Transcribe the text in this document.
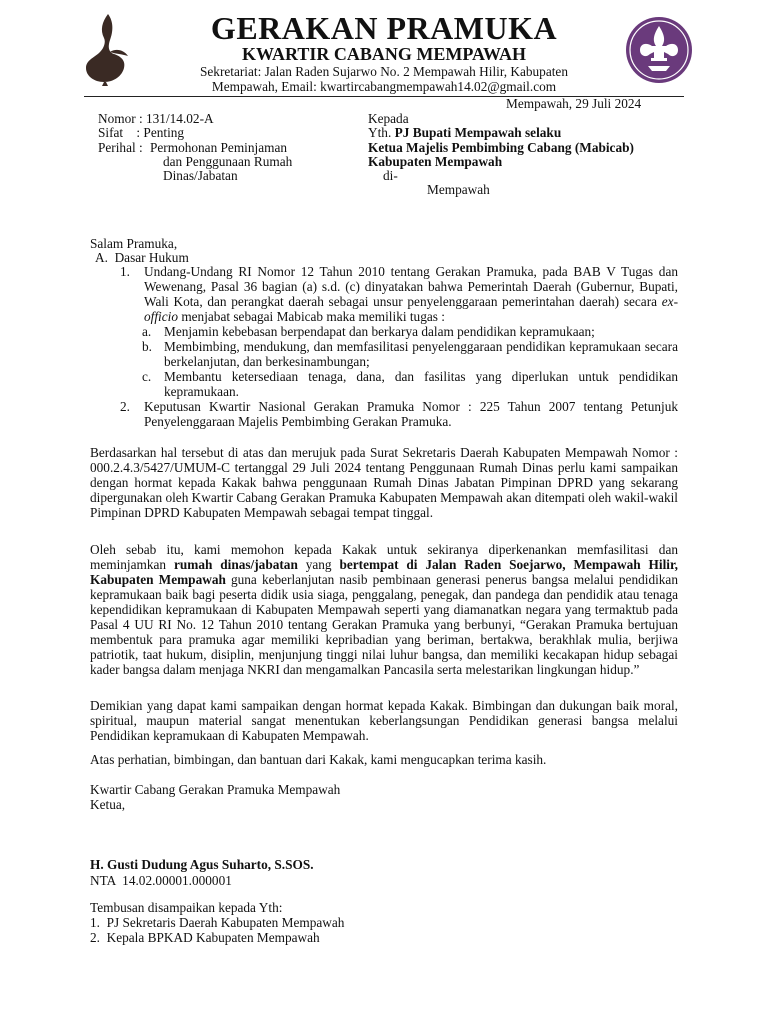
GERAKAN PRAMUKA
KWARTIR CABANG MEMPAWAH
Sekretariat: Jalan Raden Sujarwo No. 2 Mempawah Hilir, Kabupaten
Mempawah, Email: kwartircabangmempawah14.02@gmail.com
Mempawah, 29 Juli 2024
Nomor : 131/14.02-A
Sifat    : Penting
Perihal : Permohonan Peminjaman
dan Penggunaan Rumah
Dinas/Jabatan
Kepada
Yth. PJ Bupati Mempawah selaku
Ketua Majelis Pembimbing Cabang (Mabicab)
Kabupaten Mempawah
di-
Mempawah
Salam Pramuka,
A.  Dasar Hukum
1.	Undang-Undang RI Nomor 12 Tahun 2010 tentang Gerakan Pramuka, pada BAB V Tugas dan Wewenang, Pasal 36 bagian (a) s.d. (c) dinyatakan bahwa Pemerintah Daerah (Gubernur, Bupati, Wali Kota, dan perangkat daerah sebagai unsur penyelenggaraan pemerintahan daerah) secara ex-officio menjabat sebagai Mabicab maka memiliki tugas :
a. Menjamin kebebasan berpendapat dan berkarya dalam pendidikan kepramukaan;
b. Membimbing, mendukung, dan memfasilitasi penyelenggaraan pendidikan kepramukaan secara berkelanjutan, dan berkesinambungan;
c. Membantu ketersediaan tenaga, dana, dan fasilitas yang diperlukan untuk pendidikan kepramukaan.
2.	Keputusan Kwartir Nasional Gerakan Pramuka Nomor : 225 Tahun 2007 tentang Petunjuk Penyelenggaraan Majelis Pembimbing Gerakan Pramuka.
Berdasarkan hal tersebut di atas dan merujuk pada Surat Sekretaris Daerah Kabupaten Mempawah Nomor : 000.2.4.3/5427/UMUM-C tertanggal 29 Juli 2024 tentang Penggunaan Rumah Dinas perlu kami sampaikan dengan hormat kepada Kakak bahwa penggunaan Rumah Dinas Jabatan Pimpinan DPRD yang sekarang dipergunakan oleh Kwartir Cabang Gerakan Pramuka Kabupaten Mempawah akan ditempati oleh wakil-wakil Pimpinan DPRD Kabupaten Mempawah sebagai tempat tinggal.
Oleh sebab itu, kami memohon kepada Kakak untuk sekiranya diperkenankan memfasilitasi dan meminjamkan rumah dinas/jabatan yang bertempat di Jalan Raden Soejarwo, Mempawah Hilir, Kabupaten Mempawah guna keberlanjutan nasib pembinaan generasi penerus bangsa melalui pendidikan kepramukaan baik bagi peserta didik usia siaga, penggalang, penegak, dan pandega dan pendidik atau tenaga kependidikan kepramukaan di Kabupaten Mempawah seperti yang diamanatkan negara yang termaktub pada Pasal 4 UU RI No. 12 Tahun 2010 tentang Gerakan Pramuka yang berbunyi, “Gerakan Pramuka bertujuan membentuk para pramuka agar memiliki kepribadian yang beriman, bertakwa, berakhlak mulia, berjiwa patriotik, taat hukum, disiplin, menjunjung tinggi nilai luhur bangsa, dan memiliki kecakapan hidup sebagai kader bangsa dalam menjaga NKRI dan mengamalkan Pancasila serta melestarikan lingkungan hidup.”
Demikian yang dapat kami sampaikan dengan hormat kepada Kakak. Bimbingan dan dukungan baik moral, spiritual, maupun material sangat menentukan keberlangsungan Pendidikan generasi bangsa melalui Pendidikan kepramukaan di Kabupaten Mempawah.
Atas perhatian, bimbingan, dan bantuan dari Kakak, kami mengucapkan terima kasih.
Kwartir Cabang Gerakan Pramuka Mempawah
Ketua,
H. Gusti Dudung Agus Suharto, S.SOS.
NTA  14.02.00001.000001
Tembusan disampaikan kepada Yth:
1.  PJ Sekretaris Daerah Kabupaten Mempawah
2.  Kepala BPKAD Kabupaten Mempawah
